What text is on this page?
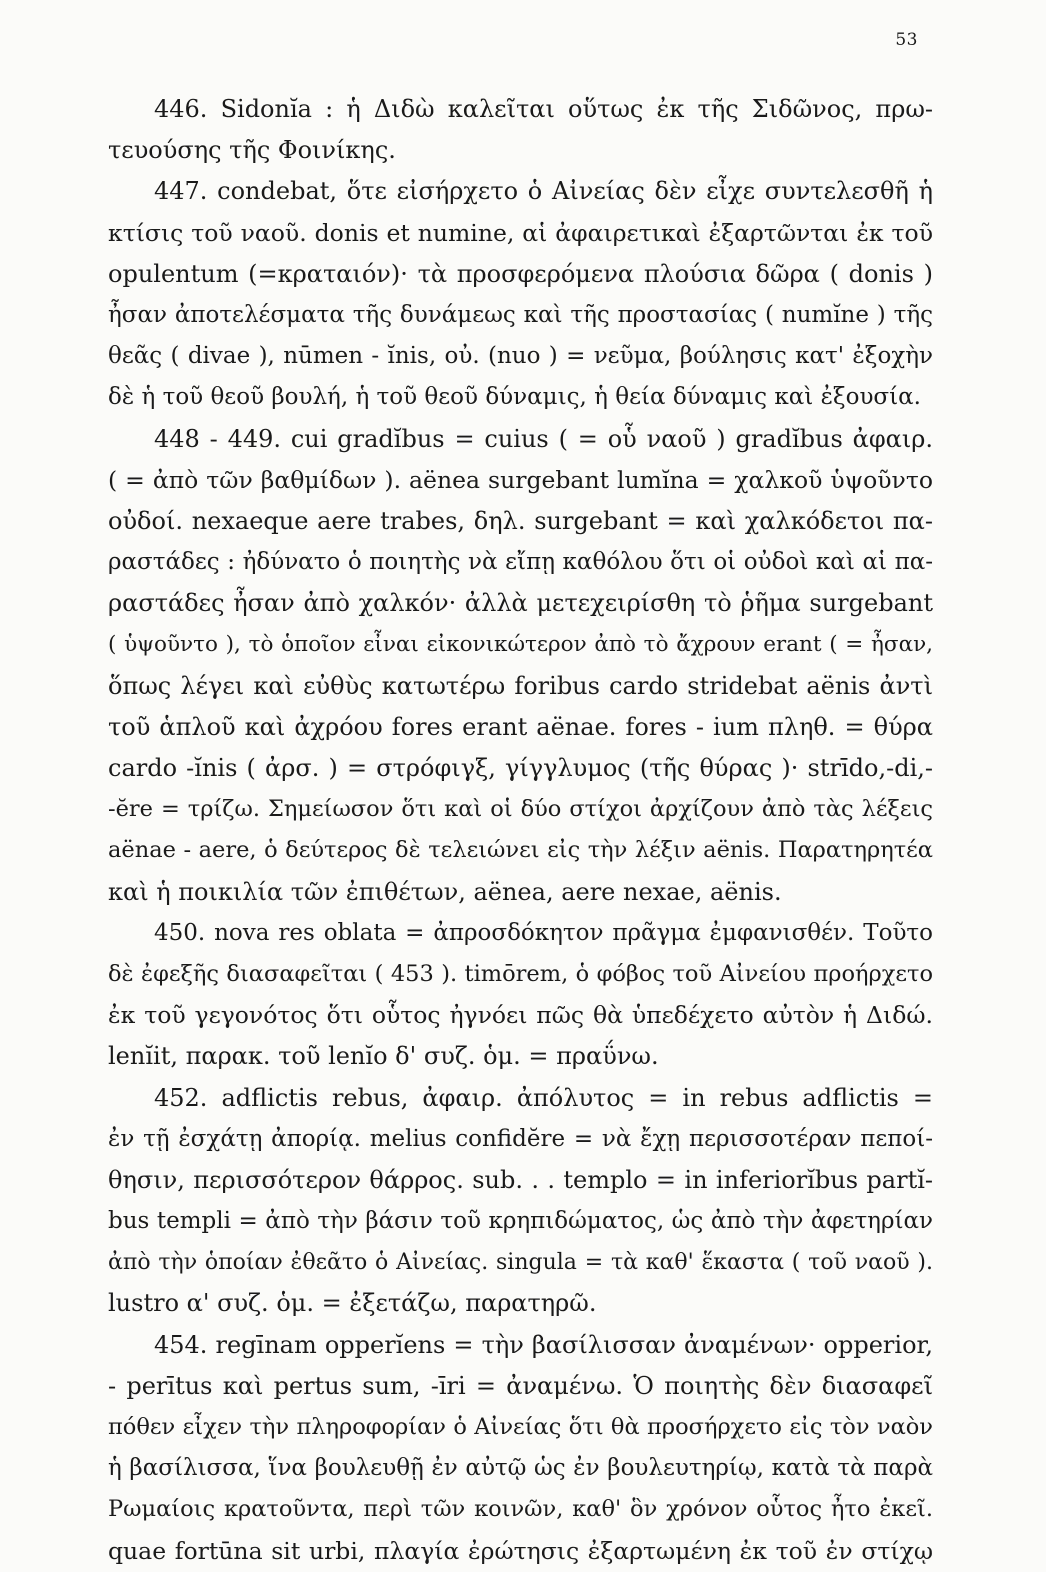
53
446. Sidonĭa : ἡ Διδὼ καλεῖται οὕτως ἐκ τῆς Σιδῶνος, πρω-
τευούσης τῆς Φοινίκης.
447. condebat, ὅτε εἰσήρχετο ὁ Αἰνείας δὲν εἶχε συντελεσθῆ ἡ
κτίσις τοῦ ναοῦ. donis et numine, αἱ ἀφαιρετικαὶ ἐξαρτῶνται ἐκ τοῦ
opulentum (=κραταιόν)· τὰ προσφερόμενα πλούσια δῶρα ( donis )
ἦσαν ἀποτελέσματα τῆς δυνάμεως καὶ τῆς προστασίας ( numĭne ) τῆς
θεᾶς ( divae ), nūmen - ĭnis, οὐ. (nuo ) = νεῦμα, βούλησις κατ' ἐξοχὴν
δὲ ἡ τοῦ θεοῦ βουλή, ἡ τοῦ θεοῦ δύναμις, ἡ θεία δύναμις καὶ ἐξουσία.
448 - 449. cui gradĭbus = cuius ( = οὗ ναοῦ ) gradĭbus ἀφαιρ.
( = ἀπὸ τῶν βαθμίδων ). aënea surgebant lumĭna = χαλκοῦ ὑψοῦντο
οὐδοί. nexaeque aere trabes, δηλ. surgebant = καὶ χαλκόδετοι πα-
ραστάδες : ἠδύνατο ὁ ποιητὴς νὰ εἴπῃ καθόλου ὅτι οἱ οὐδοὶ καὶ αἱ πα-
ραστάδες ἦσαν ἀπὸ χαλκόν· ἀλλὰ μετεχειρίσθη τὸ ῥῆμα surgebant
( ὑψοῦντο ), τὸ ὁποῖον εἶναι εἰκονικώτερον ἀπὸ τὸ ἄχρουν erant ( = ἦσαν,
ὅπως λέγει καὶ εὐθὺς κατωτέρω foribus cardo stridebat aënis ἀντὶ
τοῦ ἁπλοῦ καὶ ἀχρόου fores erant aënae. fores - ium πληθ. = θύρα
cardo -ĭnis ( ἀρσ. ) = στρόφιγξ, γίγγλυμος (τῆς θύρας )· strīdo,-di,-
-ĕre = τρίζω. Σημείωσον ὅτι καὶ οἱ δύο στίχοι ἀρχίζουν ἀπὸ τὰς λέξεις
aënae - aere, ὁ δεύτερος δὲ τελειώνει εἰς τὴν λέξιν aënis. Παρατηρητέα
καὶ ἡ ποικιλία τῶν ἐπιθέτων, aënea, aere nexae, aënis.
450. nova res oblata = ἀπροσδόκητον πρᾶγμα ἐμφανισθέν. Τοῦτο
δὲ ἐφεξῆς διασαφεῖται ( 453 ). timōrem, ὁ φόβος τοῦ Αἰνείου προήρχετο
ἐκ τοῦ γεγονότος ὅτι οὗτος ἠγνόει πῶς θὰ ὑπεδέχετο αὐτὸν ἡ Διδώ.
lenĭit, παρακ. τοῦ lenĭo δ' συζ. ὁμ. = πραΰνω.
452. adflictis rebus, ἀφαιρ. ἀπόλυτος = in rebus adflictis =
ἐν τῇ ἐσχάτῃ ἀπορίᾳ. melius confidĕre = νὰ ἔχῃ περισσοτέραν πεποί-
θησιν, περισσότερον θάρρος. sub. . . templo = in inferiorĭbus partĭ-
bus templi = ἀπὸ τὴν βάσιν τοῦ κρηπιδώματος, ὡς ἀπὸ τὴν ἀφετηρίαν
ἀπὸ τὴν ὁποίαν ἐθεᾶτο ὁ Αἰνείας. singula = τὰ καθ' ἕκαστα ( τοῦ ναοῦ ).
lustro α' συζ. ὁμ. = ἐξετάζω, παρατηρῶ.
454. regīnam opperĭens = τὴν βασίλισσαν ἀναμένων· opperior,
- perītus καὶ pertus sum, -īri = ἀναμένω. Ὁ ποιητὴς δὲν διασαφεῖ
πόθεν εἶχεν τὴν πληροφορίαν ὁ Αἰνείας ὅτι θὰ προσήρχετο εἰς τὸν ναὸν
ἡ βασίλισσα, ἵνα βουλευθῇ ἐν αὐτῷ ὡς ἐν βουλευτηρίῳ, κατὰ τὰ παρὰ
Ρωμαίοις κρατοῦντα, περὶ τῶν κοινῶν, καθ' ὃν χρόνον οὗτος ἦτο ἐκεῖ.
quae fortūna sit urbi, πλαγία ἐρώτησις ἐξαρτωμένη ἐκ τοῦ ἐν στίχῳ
